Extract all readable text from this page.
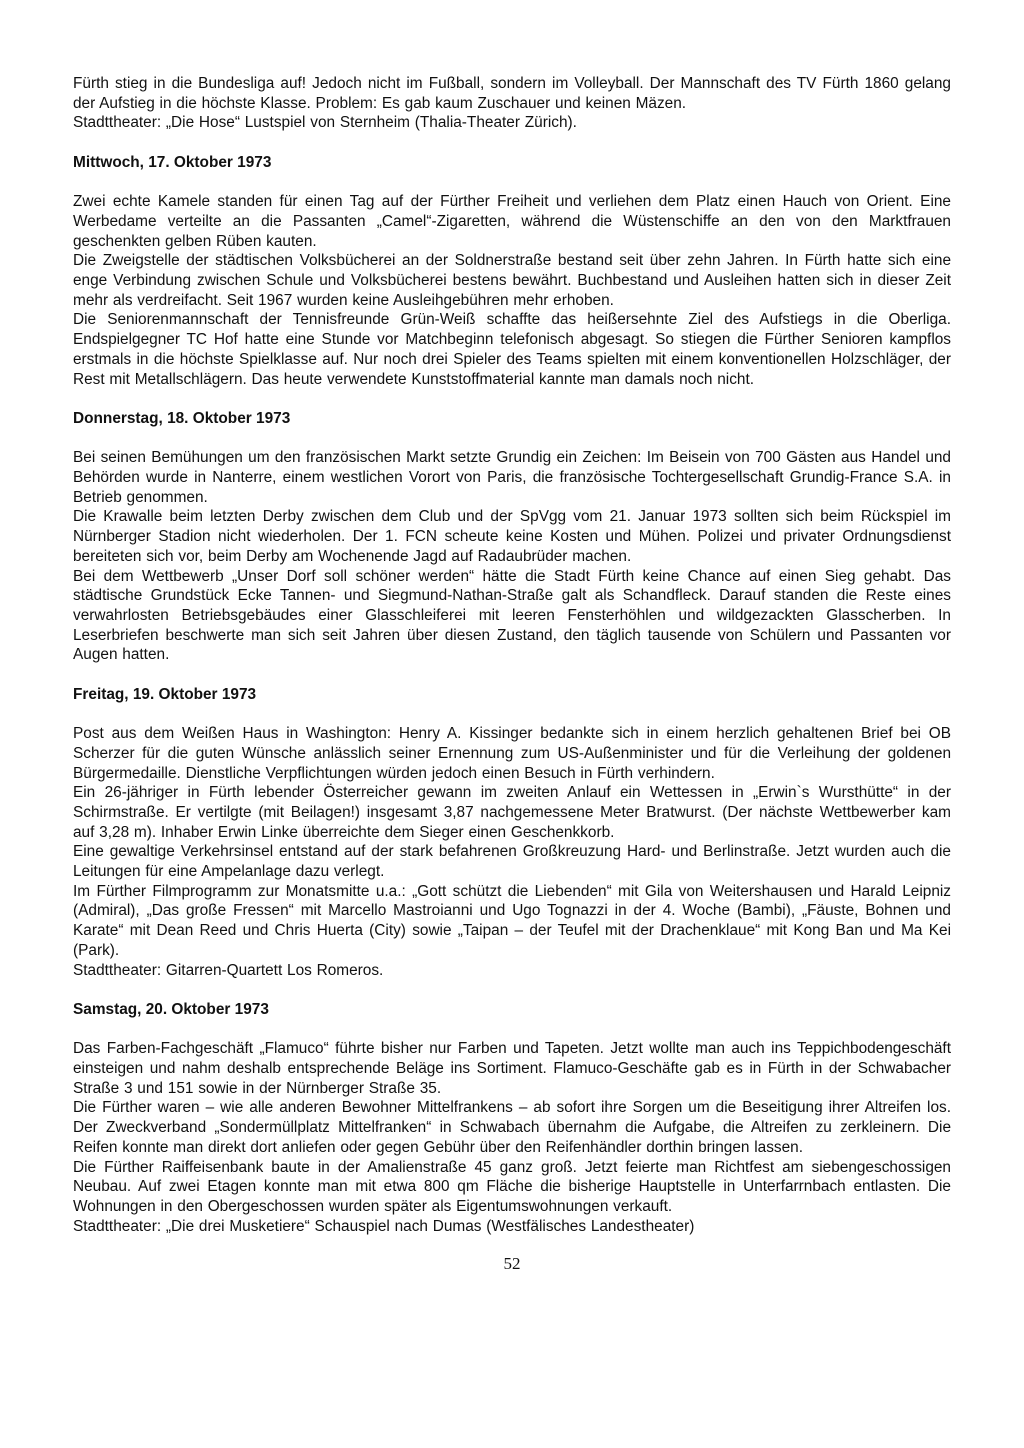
Fürth stieg in die Bundesliga auf! Jedoch nicht im Fußball, sondern im Volleyball. Der Mannschaft des TV Fürth 1860 gelang der Aufstieg in die höchste Klasse. Problem: Es gab kaum Zuschauer und keinen Mäzen.

Stadttheater: „Die Hose“ Lustspiel von Sternheim (Thalia-Theater Zürich).

Mittwoch, 17. Oktober 1973

Zwei echte Kamele standen für einen Tag auf der Fürther Freiheit und verliehen dem Platz einen Hauch von Orient. Eine Werbedame verteilte an die Passanten „Camel“-Zigaretten, während die Wüstenschiffe an den von den Marktfrauen geschenkten gelben Rüben kauten.

Die Zweigstelle der städtischen Volksbücherei an der Soldnerstraße bestand seit über zehn Jahren. In Fürth hatte sich eine enge Verbindung zwischen Schule und Volksbücherei bestens bewährt. Buchbestand und Ausleihen hatten sich in dieser Zeit mehr als verdreifacht. Seit 1967 wurden keine Ausleihgebühren mehr erhoben.

Die Seniorenmannschaft der Tennisfreunde Grün-Weiß schaffte das heißersehnte Ziel des Aufstiegs in die Oberliga. Endspielgegner TC Hof hatte eine Stunde vor Matchbeginn telefonisch abgesagt. So stiegen die Fürther Senioren kampflos erstmals in die höchste Spielklasse auf. Nur noch drei Spieler des Teams spielten mit einem konventionellen Holzschläger, der Rest mit Metallschlägern. Das heute verwendete Kunststoffmaterial kannte man damals noch nicht.

Donnerstag, 18. Oktober 1973

Bei seinen Bemühungen um den französischen Markt setzte Grundig ein Zeichen: Im Beisein von 700 Gästen aus Handel und Behörden wurde in Nanterre, einem westlichen Vorort von Paris, die französische Tochtergesellschaft Grundig-France S.A. in Betrieb genommen.

Die Krawalle beim letzten Derby zwischen dem Club und der SpVgg vom 21. Januar 1973 sollten sich beim Rückspiel im Nürnberger Stadion nicht wiederholen. Der 1. FCN scheute keine Kosten und Mühen. Polizei und privater Ordnungsdienst bereiteten sich vor, beim Derby am Wochenende Jagd auf Radaubrüder machen.

Bei dem Wettbewerb „Unser Dorf soll schöner werden“ hätte die Stadt Fürth keine Chance auf einen Sieg gehabt. Das städtische Grundstück Ecke Tannen- und Siegmund-Nathan-Straße galt als Schandfleck. Darauf standen die Reste eines verwahrlosten Betriebsgebäudes einer Glasschleiferei mit leeren Fensterhöhlen und wildgezackten Glasscherben. In Leserbriefen beschwerte man sich seit Jahren über diesen Zustand, den täglich tausende von Schülern und Passanten vor Augen hatten.

Freitag, 19. Oktober 1973

Post aus dem Weißen Haus in Washington: Henry A. Kissinger bedankte sich in einem herzlich gehaltenen Brief bei OB Scherzer für die guten Wünsche anlässlich seiner Ernennung zum US-Außenminister und für die Verleihung der goldenen Bürgermedaille. Dienstliche Verpflichtungen würden jedoch einen Besuch in Fürth verhindern.

Ein 26-jähriger in Fürth lebender Österreicher gewann im zweiten Anlauf ein Wettessen in „Erwin`s Wursthütte“ in der Schirmstraße. Er vertilgte (mit Beilagen!) insgesamt 3,87 nachgemessene Meter Bratwurst. (Der nächste Wettbewerber kam auf 3,28 m). Inhaber Erwin Linke überreichte dem Sieger einen Geschenkkorb.

Eine gewaltige Verkehrsinsel entstand auf der stark befahrenen Großkreuzung Hard- und Berlinstraße. Jetzt wurden auch die Leitungen für eine Ampelanlage dazu verlegt.

Im Fürther Filmprogramm zur Monatsmitte u.a.: „Gott schützt die Liebenden“ mit Gila von Weitershausen und Harald Leipniz (Admiral), „Das große Fressen“ mit Marcello Mastroianni und Ugo Tognazzi in der 4. Woche (Bambi), „Fäuste, Bohnen und Karate“ mit Dean Reed und Chris Huerta (City) sowie „Taipan – der Teufel mit der Drachenklaue“ mit Kong Ban und Ma Kei (Park).

Stadttheater: Gitarren-Quartett Los Romeros.

Samstag, 20. Oktober 1973

Das Farben-Fachgeschäft „Flamuco“ führte bisher nur Farben und Tapeten. Jetzt wollte man auch ins Teppichbodengeschäft einsteigen und nahm deshalb entsprechende Beläge ins Sortiment. Flamuco-Geschäfte gab es in Fürth in der Schwabacher Straße 3 und 151 sowie in der Nürnberger Straße 35.

Die Fürther waren – wie alle anderen Bewohner Mittelfrankens – ab sofort ihre Sorgen um die Beseitigung ihrer Altreifen los. Der Zweckverband „Sondermüllplatz Mittelfranken“ in Schwabach übernahm die Aufgabe, die Altreifen zu zerkleinern. Die Reifen konnte man direkt dort anliefen oder gegen Gebühr über den Reifenhändler dorthin bringen lassen.

Die Fürther Raiffeisenbank baute in der Amalienstraße 45 ganz groß. Jetzt feierte man Richtfest am siebengeschossigen Neubau. Auf zwei Etagen konnte man mit etwa 800 qm Fläche die bisherige Hauptstelle in Unterfarrnbach entlasten. Die Wohnungen in den Obergeschossen wurden später als Eigentumswohnungen verkauft.

Stadttheater: „Die drei Musketiere“ Schauspiel nach Dumas (Westfälisches Landestheater)

52
